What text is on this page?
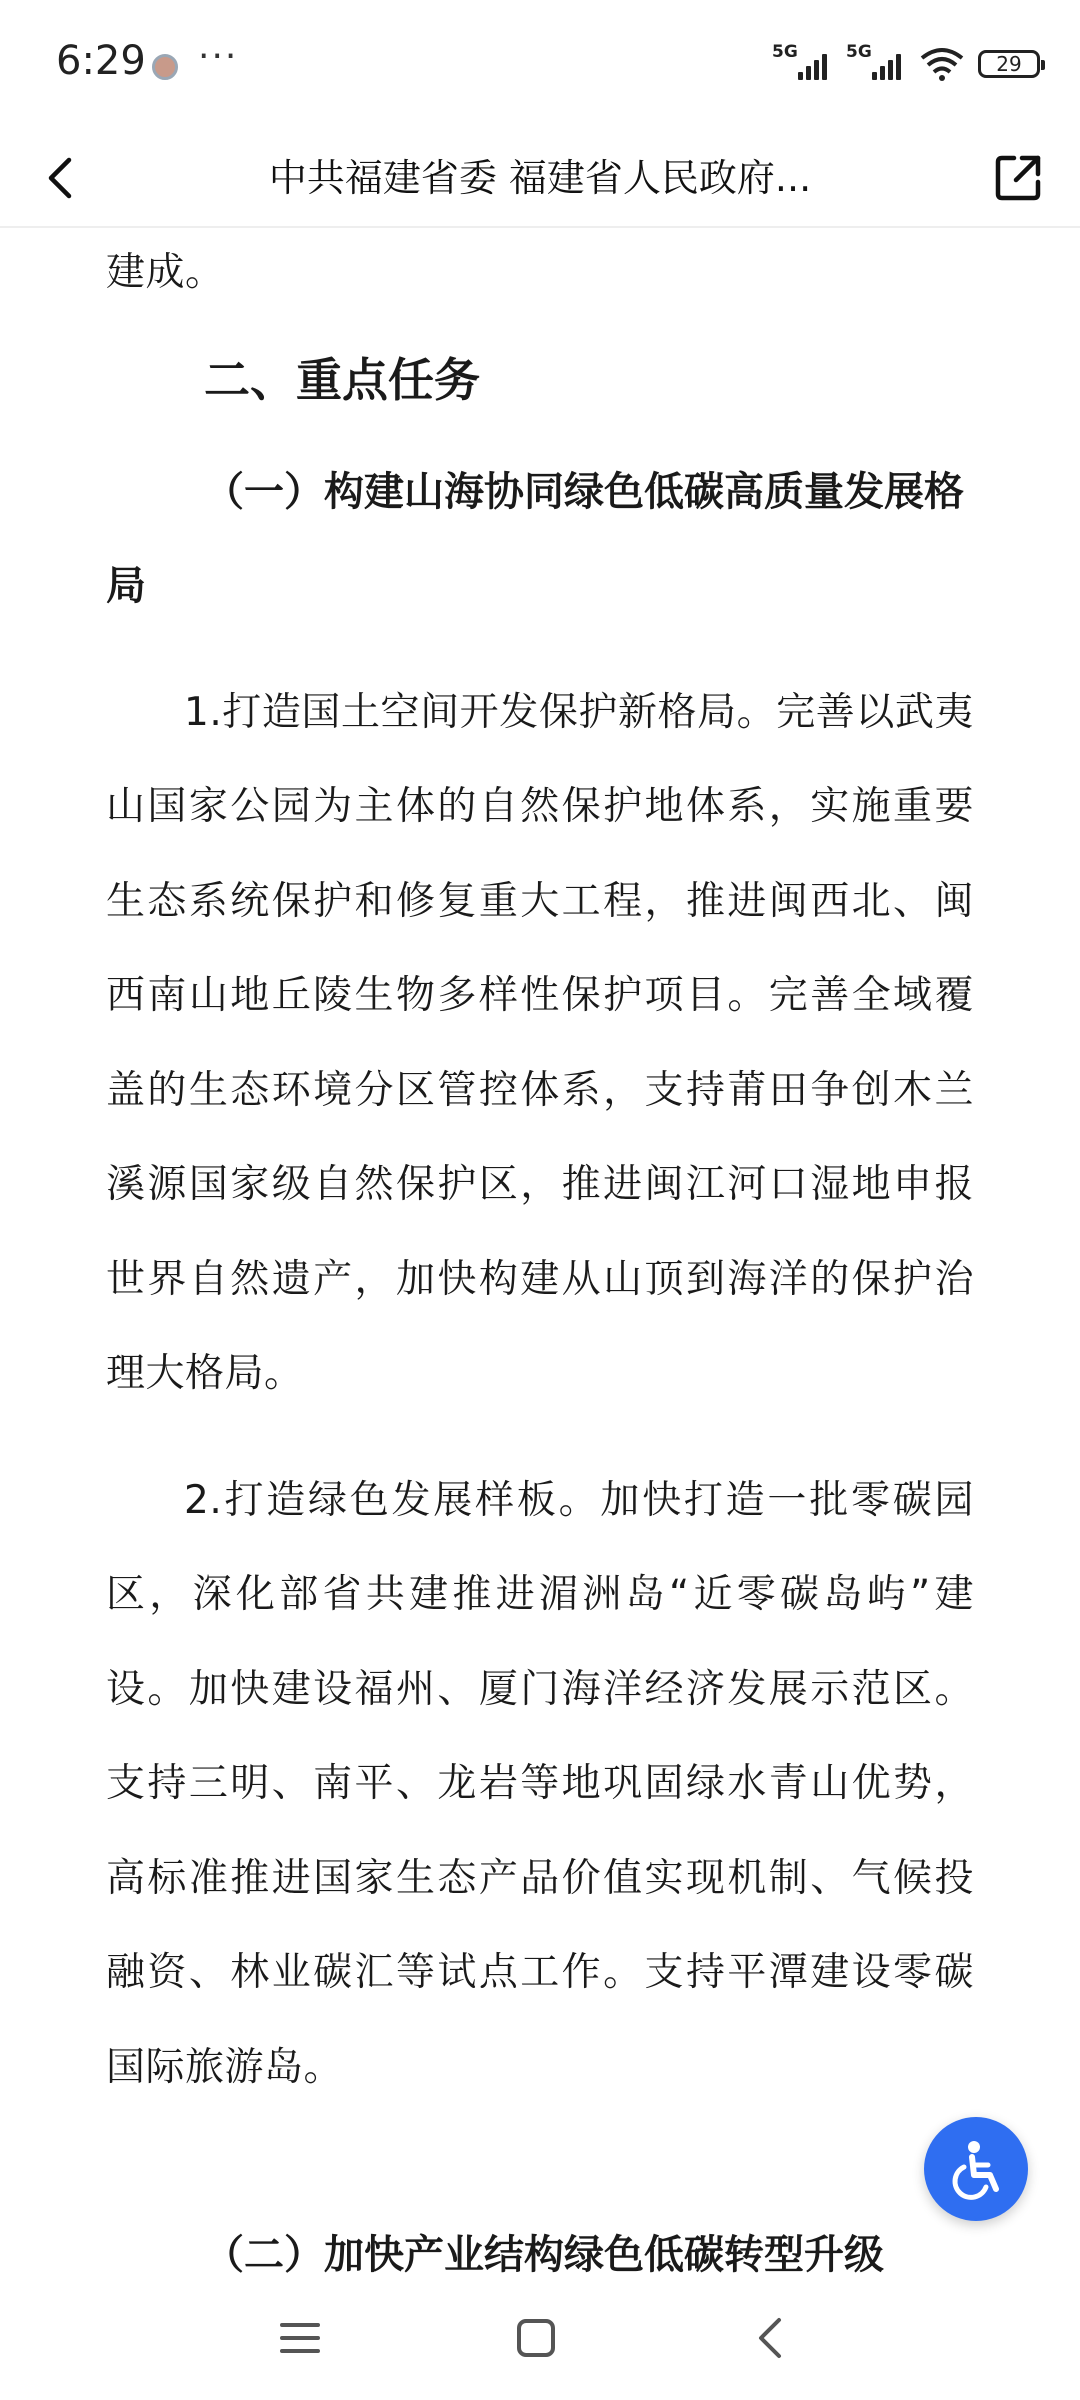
6:29 ···	5G	5G	29
中共福建省委 福建省人民政府...

建成。

二、重点任务

（一）构建山海协同绿色低碳高质量发展格局

1.打造国土空间开发保护新格局。完善以武夷山国家公园为主体的自然保护地体系，实施重要生态系统保护和修复重大工程，推进闽西北、闽西南山地丘陵生物多样性保护项目。完善全域覆盖的生态环境分区管控体系，支持莆田争创木兰溪源国家级自然保护区，推进闽江河口湿地申报世界自然遗产，加快构建从山顶到海洋的保护治理大格局。

2.打造绿色发展样板。加快打造一批零碳园区，深化部省共建推进湄洲岛“近零碳岛屿”建设。加快建设福州、厦门海洋经济发展示范区。支持三明、南平、龙岩等地巩固绿水青山优势，高标准推进国家生态产品价值实现机制、气候投融资、林业碳汇等试点工作。支持平潭建设零碳国际旅游岛。

（二）加快产业结构绿色低碳转型升级
